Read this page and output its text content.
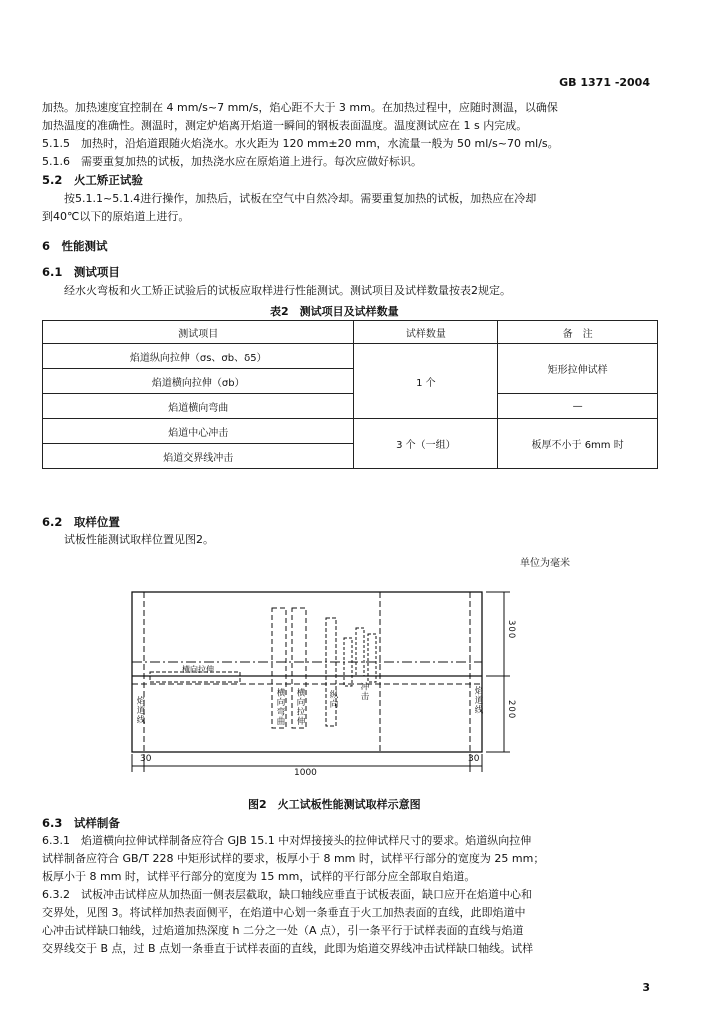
GB 1371 -2004
加热。加热速度宜控制在 4 mm/s~7 mm/s，焰心距不大于 3 mm。在加热过程中，应随时测温，以确保
加热温度的准确性。测温时，测定炉焰离开焰道一瞬间的钢板表面温度。温度测试应在 1 s 内完成。
5.1.5　加热时，沿焰道跟随火焰浇水。水火距为 120 mm±20 mm，水流量一般为 50 ml/s~70 ml/s。
5.1.6　需要重复加热的试板，加热浇水应在原焰道上进行。每次应做好标识。
5.2　火工矫正试验
按5.1.1~5.1.4进行操作，加热后，试板在空气中自然冷却。需要重复加热的试板，加热应在冷却
到40℃以下的原焰道上进行。
6　性能测试
6.1　测试项目
经水火弯板和火工矫正试验后的试板应取样进行性能测试。测试项目及试样数量按表2规定。
表2　测试项目及试样数量
测试项目	试样数量	备　注
焰道纵向拉伸（σs、σb、δ5）	1 个	矩形拉伸试样
焰道横向拉伸（σb）		
焰道横向弯曲		—
焰道中心冲击	3 个（一组）	板厚不小于 6mm 时
焰道交界线冲击		
6.2　取样位置
试板性能测试取样位置见图2。
单位为毫米
30	30
1000
300
200
横向拉伸
焰道线	焰道线
横向弯曲 横向拉伸	纵向 冲击
图2　火工试板性能测试取样示意图
6.3　试样制备
6.3.1　焰道横向拉伸试样制备应符合 GJB 15.1 中对焊接接头的拉伸试样尺寸的要求。焰道纵向拉伸
试样制备应符合 GB/T 228 中矩形试样的要求，板厚小于 8 mm 时，试样平行部分的宽度为 25 mm；
板厚小于 8 mm 时，试样平行部分的宽度为 15 mm，试样的平行部分应全部取自焰道。
6.3.2　试板冲击试样应从加热面一侧表层截取，缺口轴线应垂直于试板表面，缺口应开在焰道中心和
交界处，见图 3。将试样加热表面侧平，在焰道中心划一条垂直于火工加热表面的直线，此即焰道中
心冲击试样缺口轴线，过焰道加热深度 h 二分之一处（A 点），引一条平行于试样表面的直线与焰道
交界线交于 B 点，过 B 点划一条垂直于试样表面的直线，此即为焰道交界线冲击试样缺口轴线。试样
3
